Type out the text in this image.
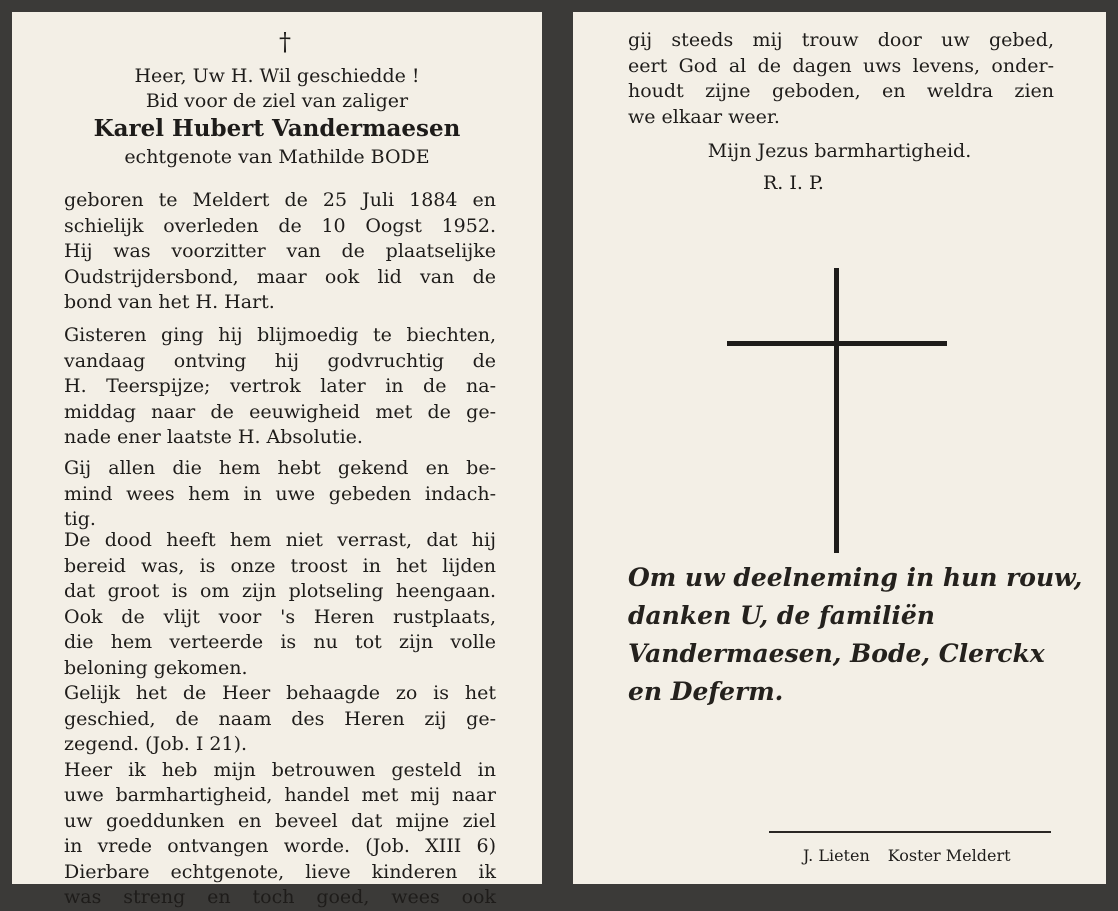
†
Heer, Uw H. Wil geschiedde !
Bid voor de ziel van zaliger
Karel Hubert Vandermaesen
echtgenote van Mathilde BODE
geboren te Meldert de 25 Juli 1884 en
schielijk overleden de 10 Oogst 1952.
Hij was voorzitter van de plaatselijke
Oudstrijdersbond, maar ook lid van de
bond van het H. Hart.
Gisteren ging hij blijmoedig te biechten,
vandaag ontving hij godvruchtig de
H. Teerspijze; vertrok later in de na-
middag naar de eeuwigheid met de ge-
nade ener laatste H. Absolutie.
Gij allen die hem hebt gekend en be-
mind wees hem in uwe gebeden indach-
tig.
De dood heeft hem niet verrast, dat hij
bereid was, is onze troost in het lijden
dat groot is om zijn plotseling heengaan.
Ook de vlijt voor 's Heren rustplaats,
die hem verteerde is nu tot zijn volle
beloning gekomen.
Gelijk het de Heer behaagde zo is het
geschied, de naam des Heren zij ge-
zegend. (Job. I 21).
Heer ik heb mijn betrouwen gesteld in
uwe barmhartigheid, handel met mij naar
uw goeddunken en beveel dat mijne ziel
in vrede ontvangen worde. (Job. XIII 6)
Dierbare echtgenote, lieve kinderen ik
was streng en toch goed, wees ook
gij steeds mij trouw door uw gebed,
eert God al de dagen uws levens, onder-
houdt zijne geboden, en weldra zien
we elkaar weer.
Mijn Jezus barmhartigheid.
R. I. P.
Om uw deelneming in hun rouw,
danken U, de familiën
Vandermaesen, Bode, Clerckx
en Deferm.
J. Lieten Koster Meldert
